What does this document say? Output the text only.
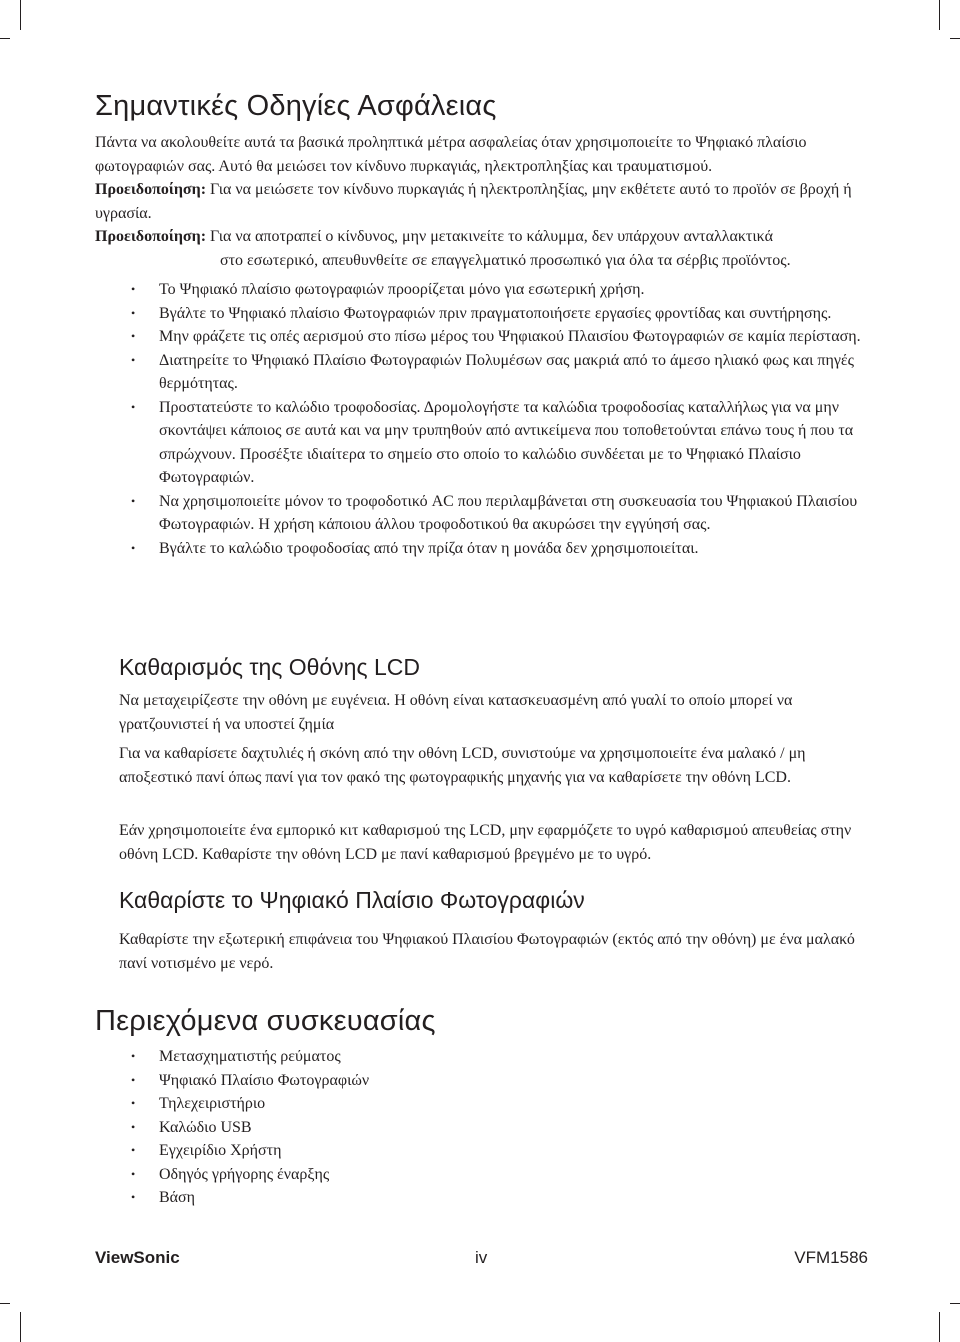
Σημαντικές Οδηγίες Ασφάλειας

Πάντα να ακολουθείτε αυτά τα βασικά προληπτικά μέτρα ασφαλείας όταν χρησιμοποιείτε το Ψηφιακό πλαίσιο φωτογραφιών σας. Αυτό θα μειώσει τον κίνδυνο πυρκαγιάς, ηλεκτροπληξίας και τραυματισμού.
Προειδοποίηση: Για να μειώσετε τον κίνδυνο πυρκαγιάς ή ηλεκτροπληξίας, μην εκθέτετε αυτό το προϊόν σε βροχή ή υγρασία.
Προειδοποίηση: Για να αποτραπεί ο κίνδυνος, μην μετακινείτε το κάλυμμα, δεν υπάρχουν ανταλλακτικά
στο εσωτερικό, απευθυνθείτε σε επαγγελματικό προσωπικό για όλα τα σέρβις προϊόντος.

• Το Ψηφιακό πλαίσιο φωτογραφιών προορίζεται μόνο για εσωτερική χρήση.
• Βγάλτε το Ψηφιακό πλαίσιο Φωτογραφιών πριν πραγματοποιήσετε εργασίες φροντίδας και συντήρησης.
• Μην φράζετε τις οπές αερισμού στο πίσω μέρος του Ψηφιακού Πλαισίου Φωτογραφιών σε καμία περίσταση.
• Διατηρείτε το Ψηφιακό Πλαίσιο Φωτογραφιών Πολυμέσων σας μακριά από το άμεσο ηλιακό φως και πηγές θερμότητας.
• Προστατεύστε το καλώδιο τροφοδοσίας. Δρομολογήστε τα καλώδια τροφοδοσίας καταλλήλως για να μην σκοντάψει κάποιος σε αυτά και να μην τρυπηθούν από αντικείμενα που τοποθετούνται επάνω τους ή που τα σπρώχνουν. Προσέξτε ιδιαίτερα το σημείο στο οποίο το καλώδιο συνδέεται με το Ψηφιακό Πλαίσιο Φωτογραφιών.
• Να χρησιμοποιείτε μόνον το τροφοδοτικό AC που περιλαμβάνεται στη συσκευασία του Ψηφιακού Πλαισίου Φωτογραφιών. Η χρήση κάποιου άλλου τροφοδοτικού θα ακυρώσει την εγγύησή σας.
• Βγάλτε το καλώδιο τροφοδοσίας από την πρίζα όταν η μονάδα δεν χρησιμοποιείται.
Καθαρισμός της Οθόνης LCD

Να μεταχειρίζεστε την οθόνη με ευγένεια. Η οθόνη είναι κατασκευασμένη από γυαλί το οποίο μπορεί να γρατζουνιστεί ή να υποστεί ζημία

Για να καθαρίσετε δαχτυλιές ή σκόνη από την οθόνη LCD, συνιστούμε να χρησιμοποιείτε ένα μαλακό / μη αποξεστικό πανί όπως πανί για τον φακό της φωτογραφικής μηχανής για να καθαρίσετε την οθόνη LCD.

Εάν χρησιμοποιείτε ένα εμπορικό κιτ καθαρισμού της LCD, μην εφαρμόζετε το υγρό καθαρισμού απευθείας στην οθόνη LCD. Καθαρίστε την οθόνη LCD με πανί καθαρισμού βρεγμένο με το υγρό.

Καθαρίστε το Ψηφιακό Πλαίσιο Φωτογραφιών

Καθαρίστε την εξωτερική επιφάνεια του Ψηφιακού Πλαισίου Φωτογραφιών (εκτός από την οθόνη) με ένα μαλακό πανί νοτισμένο με νερό.

Περιεχόμενα συσκευασίας
• Μετασχηματιστής ρεύματος
• Ψηφιακό Πλαίσιο Φωτογραφιών
• Τηλεχειριστήριο
• Καλώδιο USB
• Εγχειρίδιο Χρήστη
• Οδηγός γρήγορης έναρξης
• Βάση
ViewSonic	iv	VFM1586
